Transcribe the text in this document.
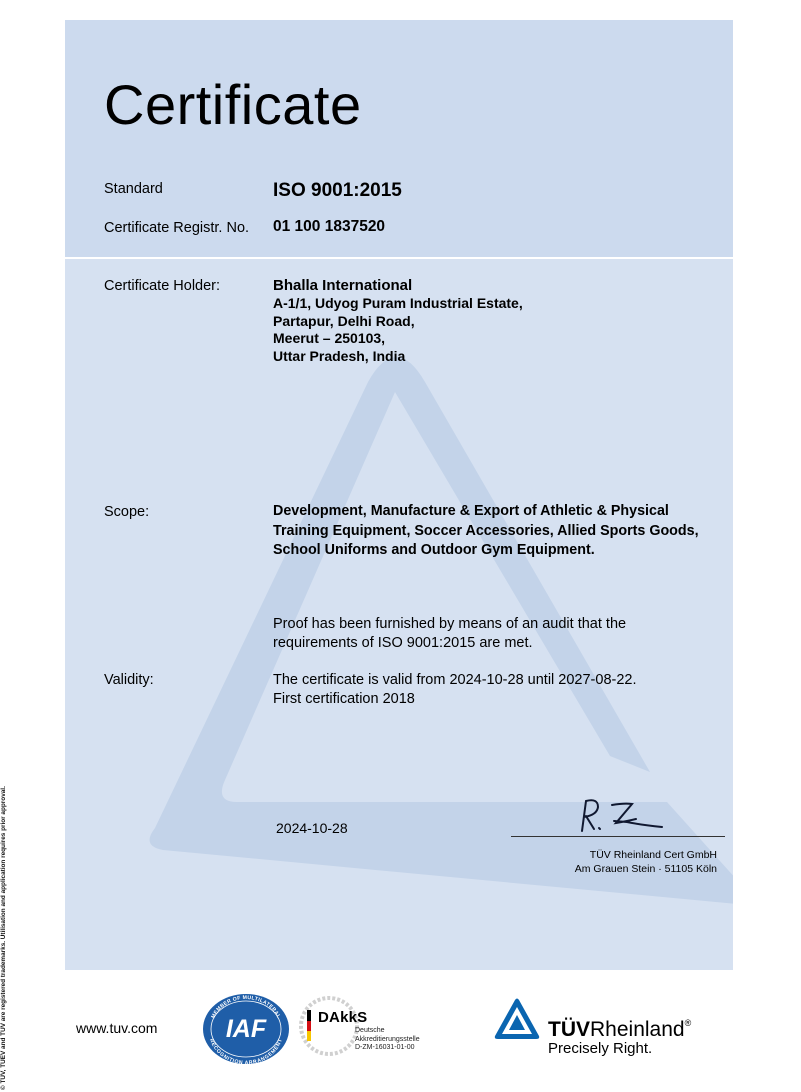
© TÜV, TUEV and TUV are registered trademarks. Utilisation and application requires prior approval.
Certificate
Standard	ISO 9001:2015
Certificate Registr. No. 01 100 1837520
Certificate Holder:	Bhalla International
A-1/1, Udyog Puram Industrial Estate,
Partapur, Delhi Road,
Meerut – 250103,
Uttar Pradesh, India
Scope:	Development, Manufacture & Export of Athletic & Physical Training Equipment, Soccer Accessories, Allied Sports Goods, School Uniforms and Outdoor Gym Equipment.
Proof has been furnished by means of an audit that the requirements of ISO 9001:2015 are met.
Validity:	The certificate is valid from 2024-10-28 until 2027-08-22.
First certification 2018
2024-10-28
TÜV Rheinland Cert GmbH
Am Grauen Stein · 51105 Köln
www.tuv.com
MEMBER OF MULTILATERAL
RECOGNITION ARRANGEMENT
IAF	DAkkS
Deutsche
Akkreditierungsstelle
D-ZM-16031-01-00
TÜVRheinland®
Precisely Right.
